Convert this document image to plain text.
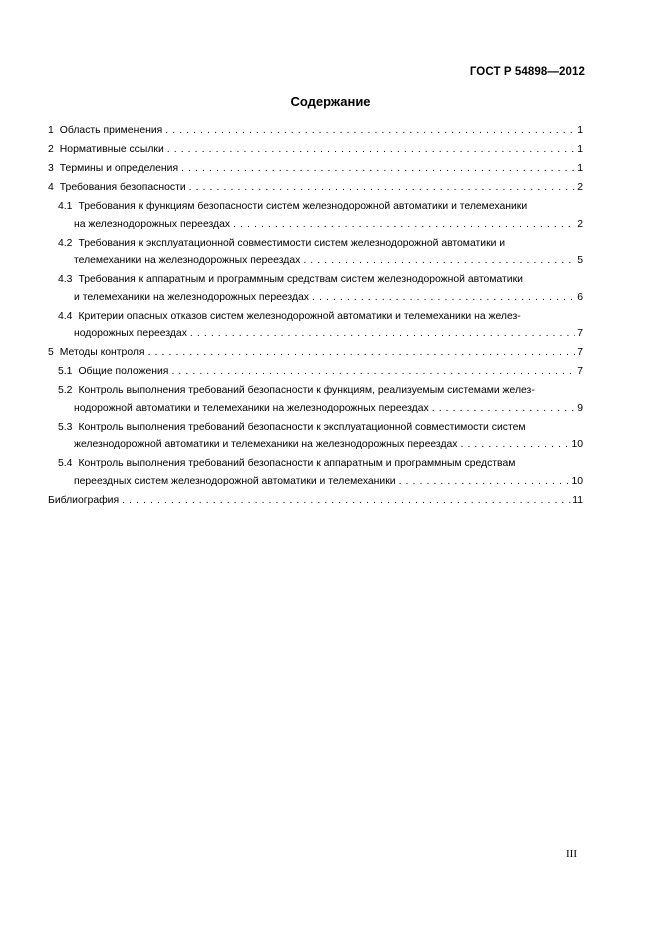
ГОСТ Р 54898—2012
Содержание
1 Область применения . . .	1
2 Нормативные ссылки . . .	1
3 Термины и определения . . .	1
4 Требования безопасности . . .	2
4.1 Требования к функциям безопасности систем железнодорожной автоматики и телемеханики
на железнодорожных переездах . . .	2
4.2 Требования к эксплуатационной совместимости систем железнодорожной автоматики и
телемеханики на железнодорожных переездах . . .	5
4.3 Требования к аппаратным и программным средствам систем железнодорожной автоматики
и телемеханики на железнодорожных переездах . . .	6
4.4 Критерии опасных отказов систем железнодорожной автоматики и телемеханики на желез-
нодорожных переездах . . .	7
5 Методы контроля . . .	7
5.1 Общие положения . . .	7
5.2 Контроль выполнения требований безопасности к функциям, реализуемым системами желез-
нодорожной автоматики и телемеханики на железнодорожных переездах . . .	9
5.3 Контроль выполнения требований безопасности к эксплуатационной совместимости систем
железнодорожной автоматики и телемеханики на железнодорожных переездах . . .	10
5.4 Контроль выполнения требований безопасности к аппаратным и программным средствам
переездных систем железнодорожной автоматики и телемеханики . . .	10
Библиография . . .	11
III
